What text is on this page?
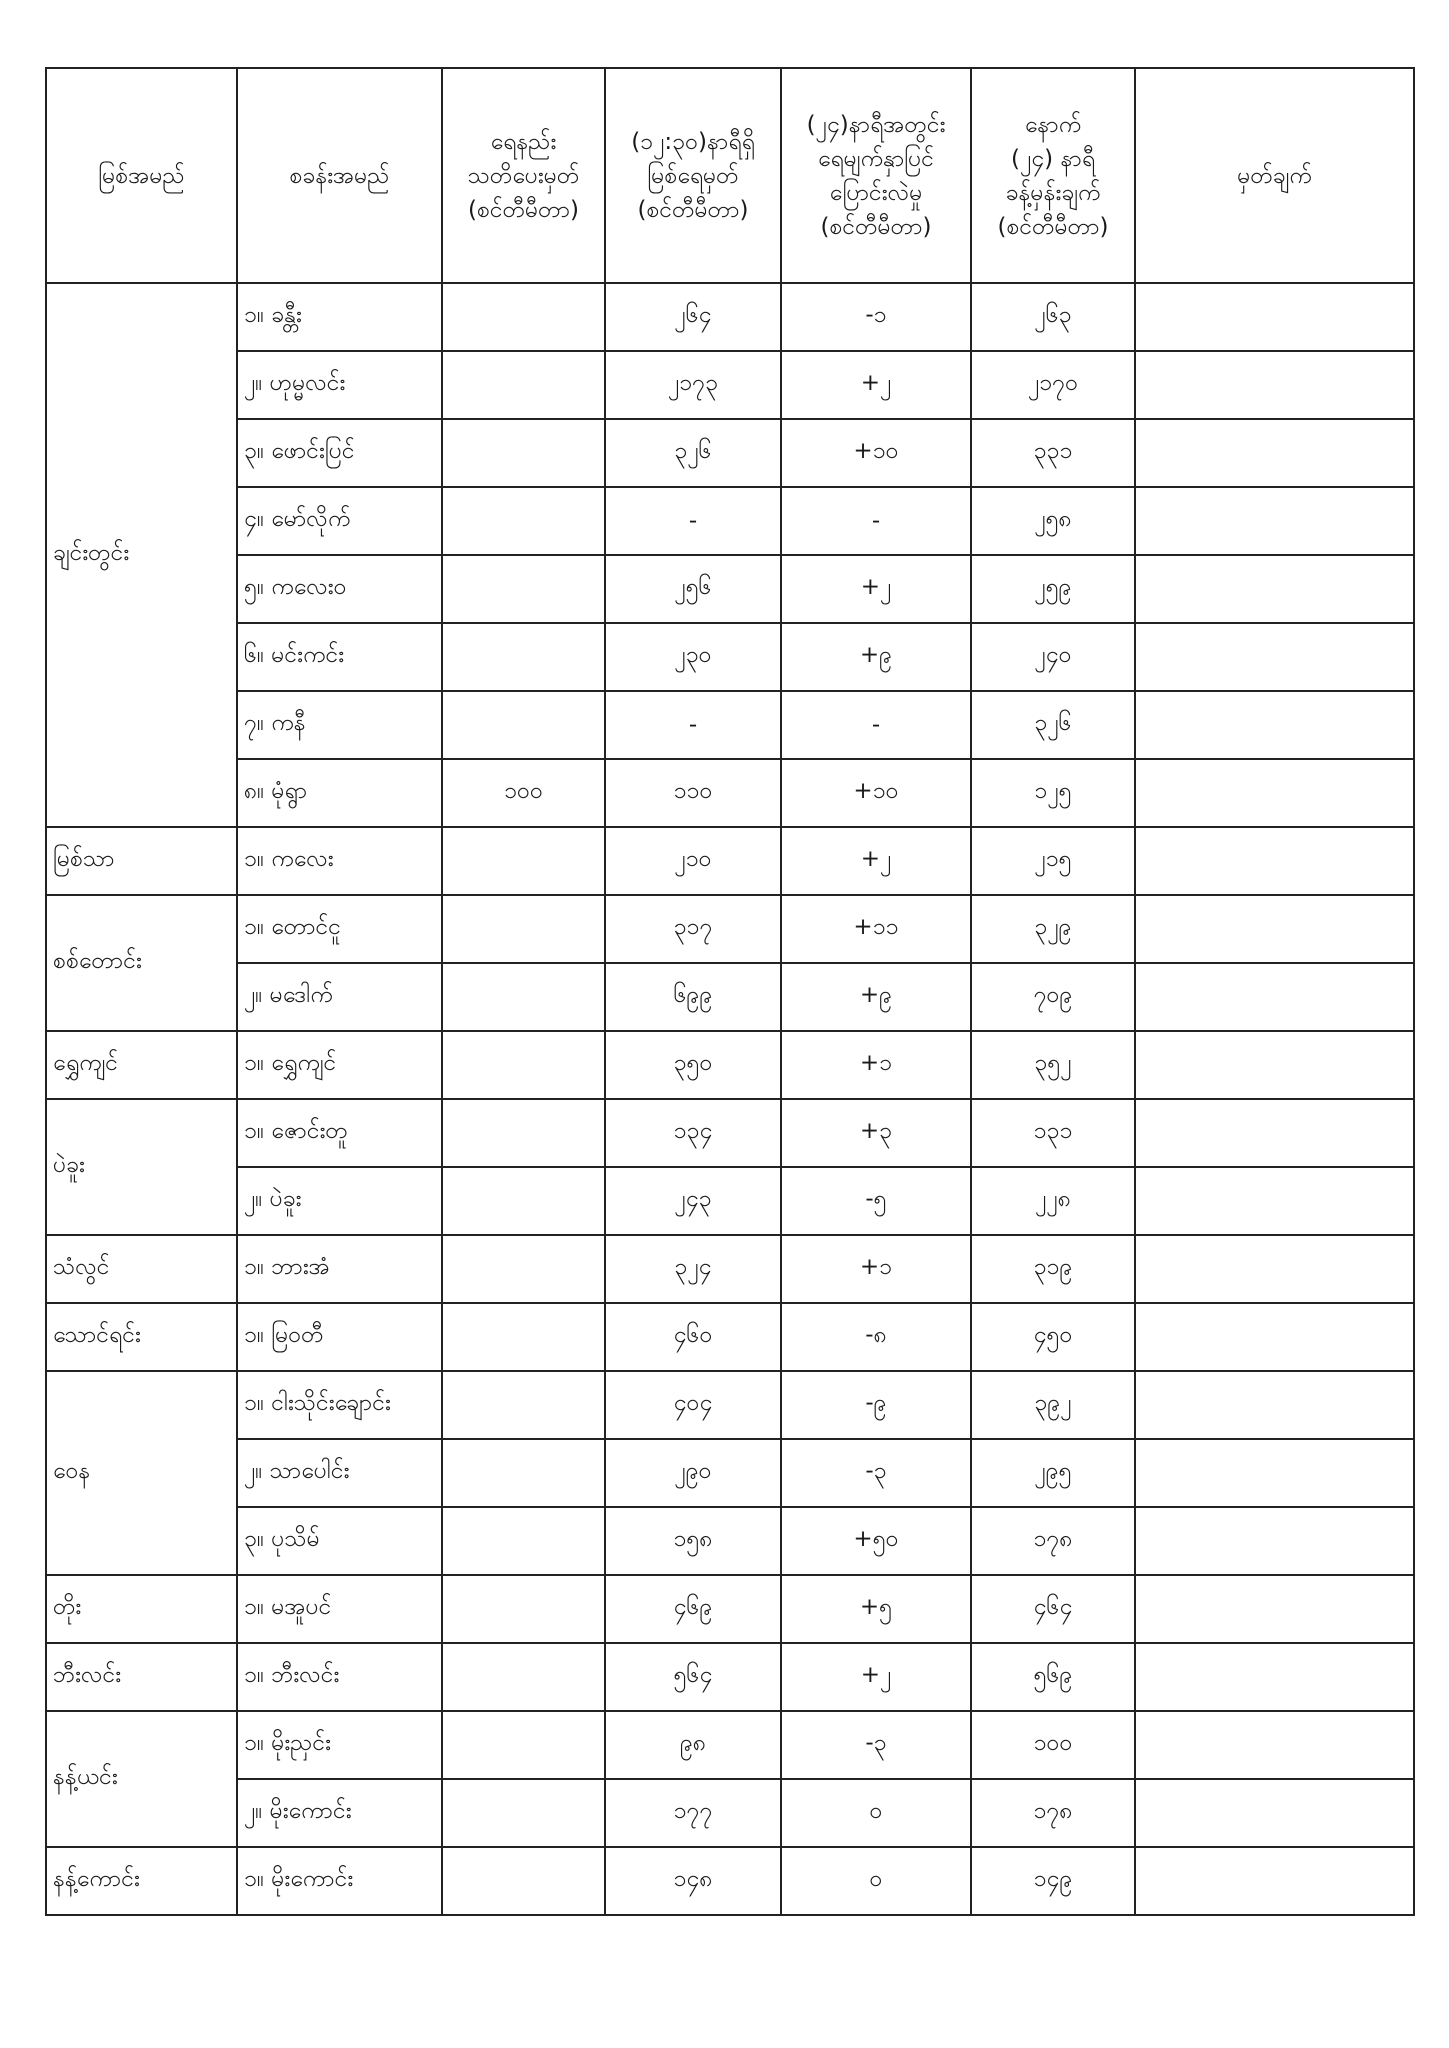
မြစ်အမည်	စခန်းအမည်	ရေနည်း
သတိပေးမှတ်
(စင်တီမီတာ)	(၁၂:၃၀)နာရီရှိ
မြစ်ရေမှတ်
(စင်တီမီတာ)	(၂၄)နာရီအတွင်း
ရေမျက်နှာပြင်
ပြောင်းလဲမှု
(စင်တီမီတာ)	နောက်
(၂၄) နာရီ
ခန့်မှန်းချက်
(စင်တီမီတာ)	မှတ်ချက်
ချင်းတွင်း	၁။ ခန္တီး		၂၆၄	-၁	၂၆၃	
	၂။ ဟုမ္မလင်း		၂၁၇၃	+၂	၂၁၇၀	
	၃။ ဖောင်းပြင်		၃၂၆	+၁၀	၃၃၁	
	၄။ မော်လိုက်		-	-	၂၅၈	
	၅။ ကလေးဝ		၂၅၆	+၂	၂၅၉	
	၆။ မင်းကင်း		၂၃၀	+၉	၂၄၀	
	၇။ ကနီ		-	-	၃၂၆	
	၈။ မုံရွာ	၁၀၀	၁၁၀	+၁၀	၁၂၅	
မြစ်သာ	၁။ ကလေး		၂၁၀	+၂	၂၁၅	
စစ်တောင်း	၁။ တောင်ငူ		၃၁၇	+၁၁	၃၂၉	
	၂။ မဒေါက်		၆၉၉	+၉	၇၀၉	
ရွှေကျင်	၁။ ရွှေကျင်		၃၅၀	+၁	၃၅၂	
ပဲခူး	၁။ ဇောင်းတူ		၁၃၄	+၃	၁၃၁	
	၂။ ပဲခူး		၂၄၃	-၅	၂၂၈	
သံလွင်	၁။ ဘားအံ		၃၂၄	+၁	၃၁၉	
သောင်ရင်း	၁။ မြဝတီ		၄၆၀	-၈	၄၅၀	
ဝေန	၁။ ငါးသိုင်းချောင်း		၄၀၄	-၉	၃၉၂	
	၂။ သာပေါင်း		၂၉၀	-၃	၂၉၅	
	၃။ ပုသိမ်		၁၅၈	+၅၀	၁၇၈	
တိုး	၁။ မအူပင်		၄၆၉	+၅	၄၆၄	
ဘီးလင်း	၁။ ဘီးလင်း		၅၆၄	+၂	၅၆၉	
နန့်ယင်း	၁။ မိုးညှင်း		၉၈	-၃	၁၀၀	
	၂။ မိုးကောင်း		၁၇၇	၀	၁၇၈	
နန့်ကောင်း	၁။ မိုးကောင်း		၁၄၈	၀	၁၄၉	
